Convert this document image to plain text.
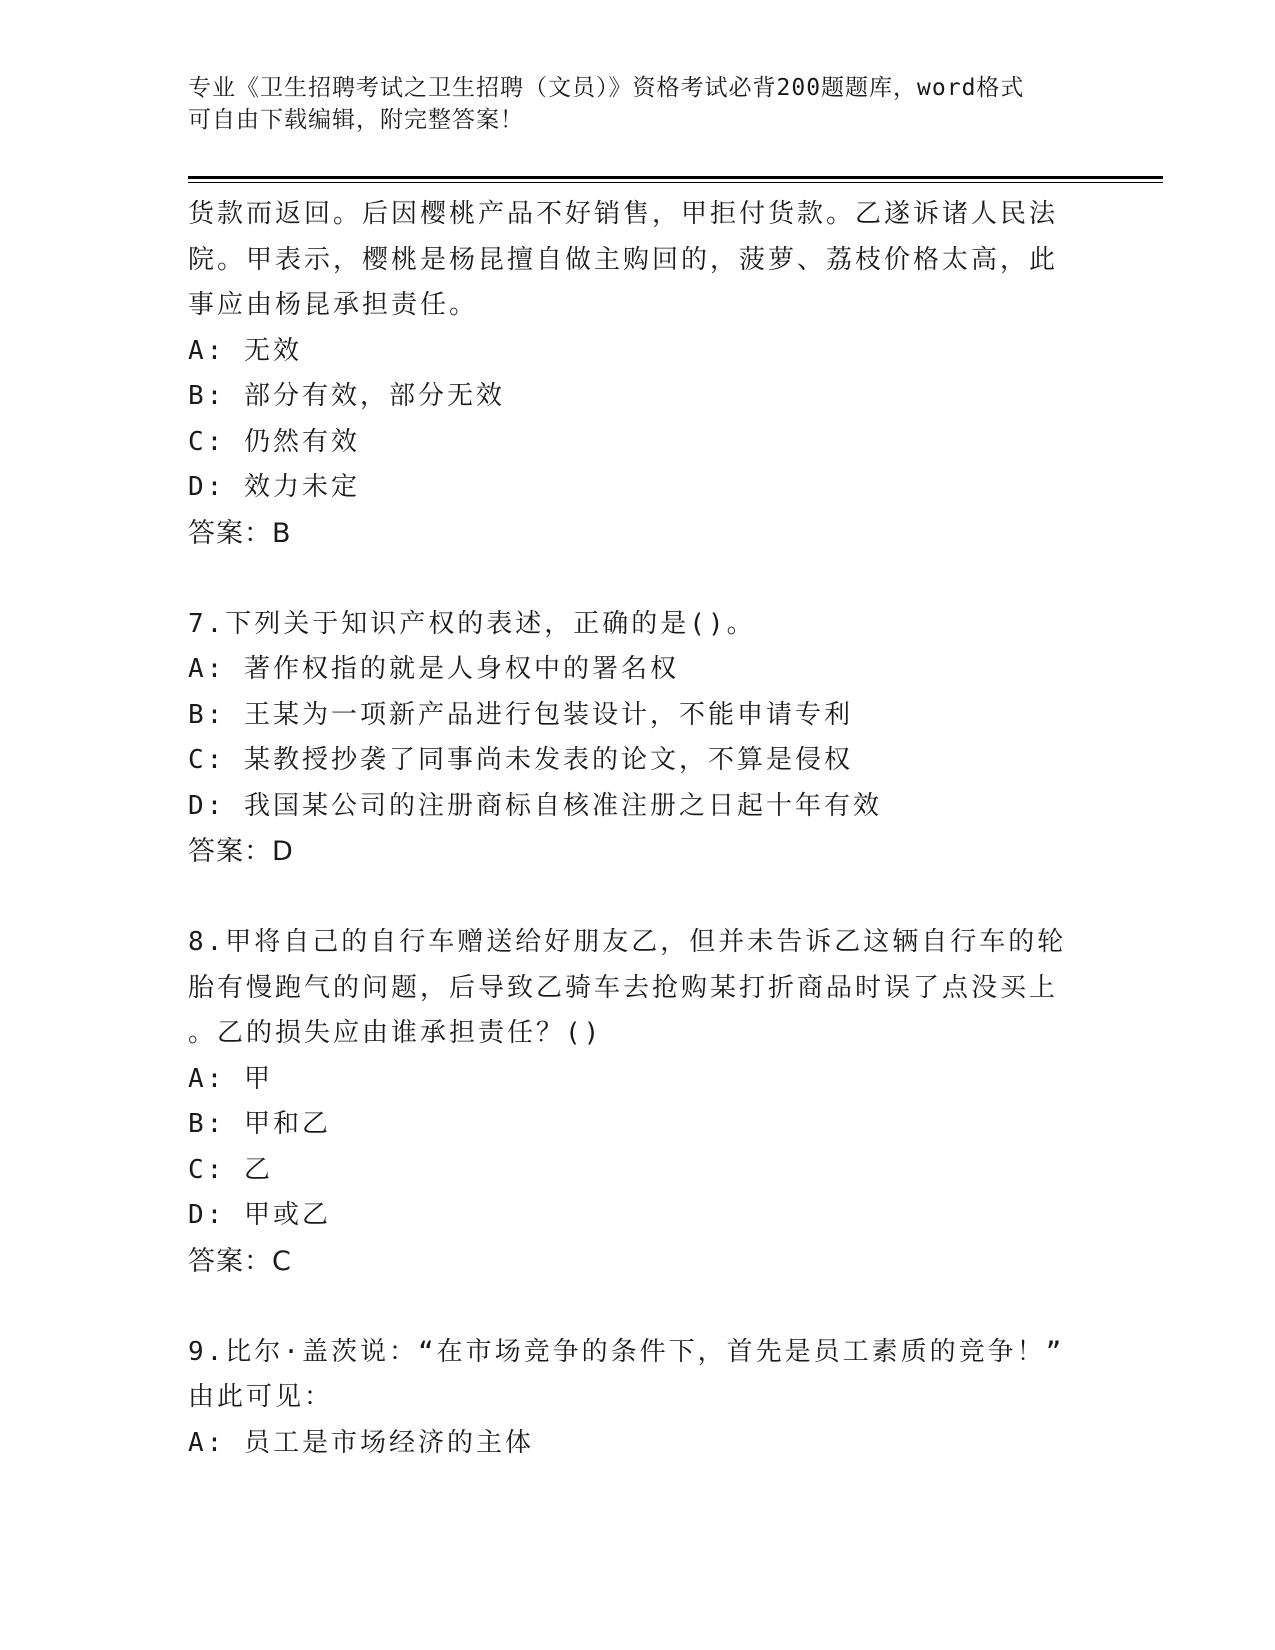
专业《卫生招聘考试之卫生招聘（文员）》资格考试必背200题题库，word格式
可自由下载编辑，附完整答案！
货款而返回。后因樱桃产品不好销售，甲拒付货款。乙遂诉诸人民法
院。甲表示，樱桃是杨昆擅自做主购回的，菠萝、荔枝价格太高，此
事应由杨昆承担责任。
A: 无效
B: 部分有效，部分无效
C: 仍然有效
D: 效力未定
答案：B
7.下列关于知识产权的表述，正确的是()。
A: 著作权指的就是人身权中的署名权
B: 王某为一项新产品进行包装设计，不能申请专利
C: 某教授抄袭了同事尚未发表的论文，不算是侵权
D: 我国某公司的注册商标自核准注册之日起十年有效
答案：D
8.甲将自己的自行车赠送给好朋友乙，但并未告诉乙这辆自行车的轮
胎有慢跑气的问题，后导致乙骑车去抢购某打折商品时误了点没买上
。乙的损失应由谁承担责任？()
A: 甲
B: 甲和乙
C: 乙
D: 甲或乙
答案：C
9.比尔·盖茨说：“在市场竞争的条件下，首先是员工素质的竞争！”
由此可见：
A: 员工是市场经济的主体
